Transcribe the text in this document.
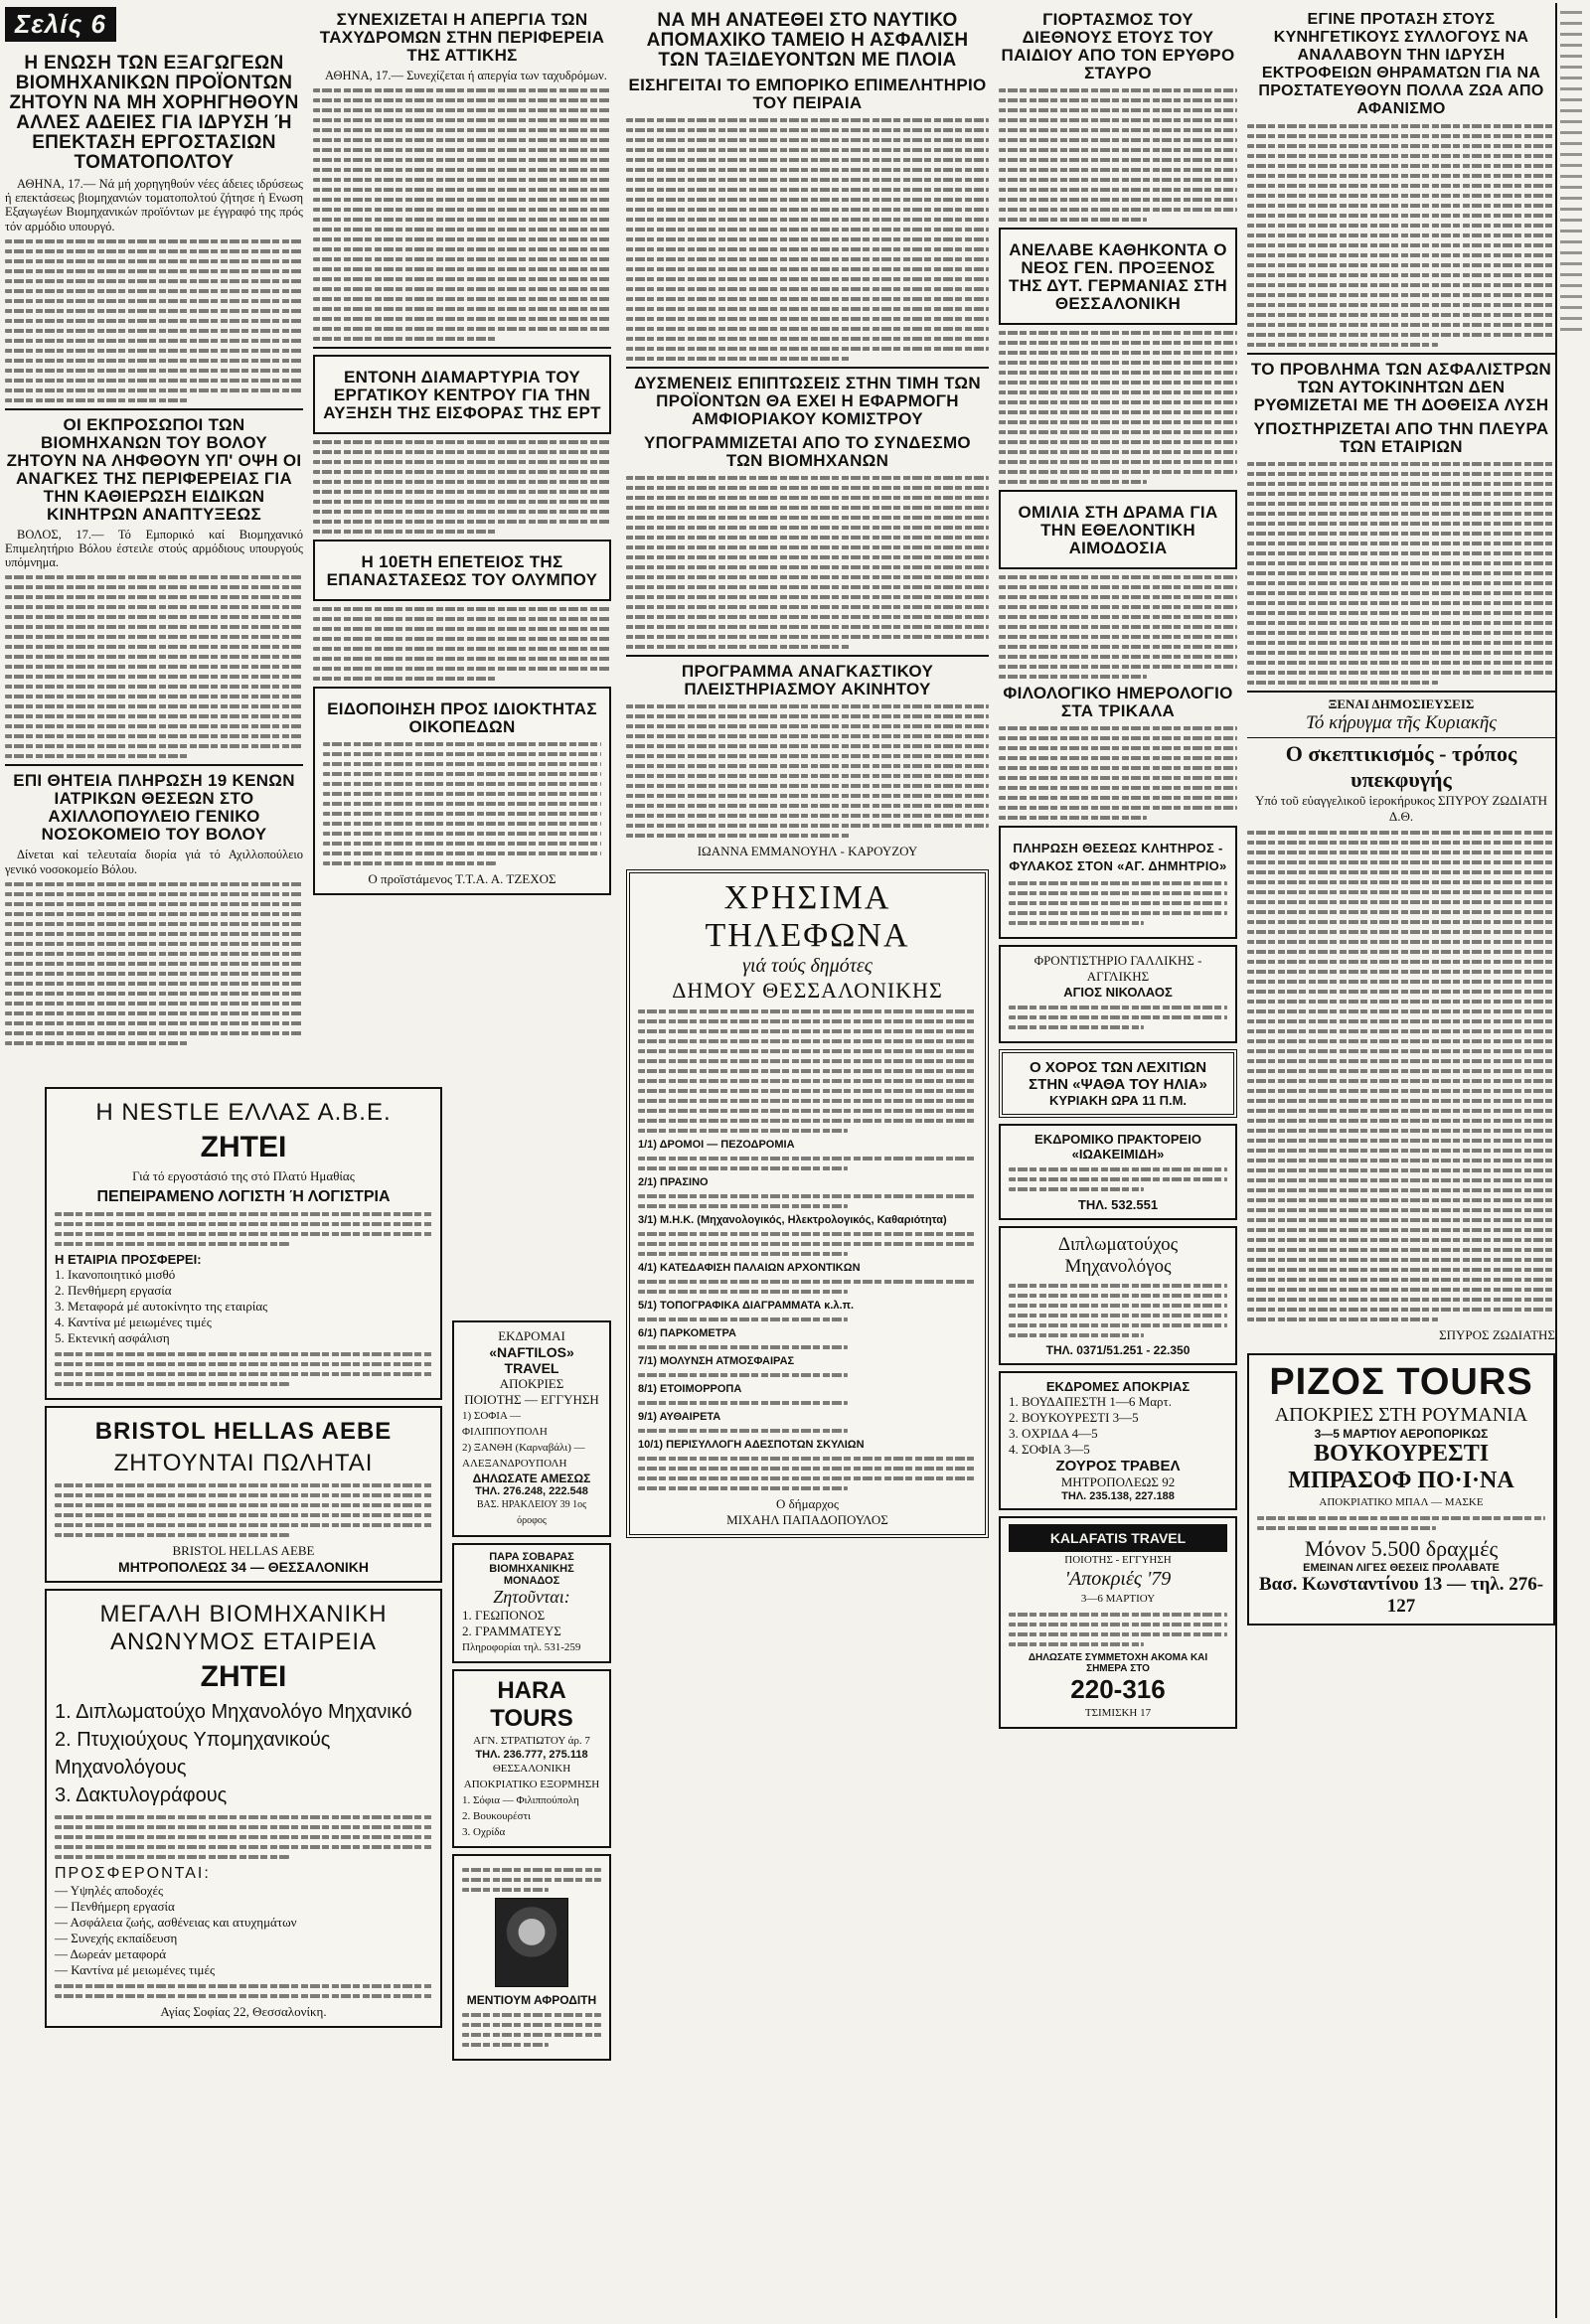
Σελίς 6
Η ΕΝΩΣΗ ΤΩΝ ΕΞΑΓΩΓΕΩΝ ΒΙΟΜΗΧΑΝΙΚΩΝ ΠΡΟΪΟΝΤΩΝ ΖΗΤΟΥΝ ΝΑ ΜΗ ΧΟΡΗΓΗΘΟΥΝ ΑΛΛΕΣ ΑΔΕΙΕΣ ΓΙΑ ΙΔΡΥΣΗ Ή ΕΠΕΚΤΑΣΗ ΕΡΓΟΣΤΑΣΙΩΝ ΤΟΜΑΤΟΠΟΛΤΟΥ

ΑΘΗΝΑ, 17.— Νά μή χορηγηθούν νέες άδειες ιδρύσεως ή επεκτάσεως βιομηχανιών τοματοπολτού ζήτησε ή Ενωση Εξαγωγέων Βιομηχανικών προϊόντων με έγγραφό της πρός τόν αρμόδιο υπουργό.

ΟΙ ΕΚΠΡΟΣΩΠΟΙ ΤΩΝ ΒΙΟΜΗΧΑΝΩΝ ΤΟΥ ΒΟΛΟΥ ΖΗΤΟΥΝ ΝΑ ΛΗΦΘΟΥΝ ΥΠ' ΟΨΗ ΟΙ ΑΝΑΓΚΕΣ ΤΗΣ ΠΕΡΙΦΕΡΕΙΑΣ ΓΙΑ ΤΗΝ ΚΑΘΙΕΡΩΣΗ ΕΙΔΙΚΩΝ ΚΙΝΗΤΡΩΝ ΑΝΑΠΤΥΞΕΩΣ

ΒΟΛΟΣ, 17.— Τό Εμπορικό καί Βιομηχανικό Επιμελητήριο Βόλου έστειλε στούς αρμόδιους υπουργούς υπόμνημα.

ΕΠΙ ΘΗΤΕΙΑ ΠΛΗΡΩΣΗ 19 ΚΕΝΩΝ ΙΑΤΡΙΚΩΝ ΘΕΣΕΩΝ ΣΤΟ ΑΧΙΛΛΟΠΟΥΛΕΙΟ ΓΕΝΙΚΟ ΝΟΣΟΚΟΜΕΙΟ ΤΟΥ ΒΟΛΟΥ

Δίνεται καί τελευταία διορία γιά τό Αχιλλοπούλειο γενικό νοσοκομείο Βόλου.

Η NESTLE ΕΛΛΑΣ Α.Β.Ε.
ΖΗΤΕΙ
Γιά τό εργοστάσιό της στό Πλατύ Ημαθίας
ΠΕΠΕΙΡΑΜΕΝΟ ΛΟΓΙΣΤΗ Ή ΛΟΓΙΣΤΡΙΑ
Η ΕΤΑΙΡΙΑ ΠΡΟΣΦΕΡΕΙ:
1. Ικανοποιητικό μισθό
2. Πενθήμερη εργασία
3. Μεταφορά μέ αυτοκίνητο της εταιρίας
4. Καντίνα μέ μειωμένες τιμές
5. Εκτενική ασφάλιση
BRISTOL HELLAS AEBE
ΖΗΤΟΥΝΤΑΙ ΠΩΛΗΤΑΙ
BRISTOL HELLAS AEBE
ΜΗΤΡΟΠΟΛΕΩΣ 34 — ΘΕΣΣΑΛΟΝΙΚΗ
ΜΕΓΑΛΗ ΒΙΟΜΗΧΑΝΙΚΗ ΑΝΩΝΥΜΟΣ ΕΤΑΙΡΕΙΑ
ΖΗΤΕΙ
1. Διπλωματούχο Μηχανολόγο Μηχανικό
2. Πτυχιούχους Υπομηχανικούς Μηχανολόγους
3. Δακτυλογράφους
ΠΡΟΣΦΕΡΟΝΤΑΙ:
— Υψηλές αποδοχές
— Πενθήμερη εργασία
— Ασφάλεια ζωής, ασθένειας και ατυχημάτων
— Συνεχής εκπαίδευση
— Δωρεάν μεταφορά
— Καντίνα μέ μειωμένες τιμές
Αγίας Σοφίας 22, Θεσσαλονίκη.
ΣΥΝΕΧΙΖΕΤΑΙ Η ΑΠΕΡΓΙΑ ΤΩΝ ΤΑΧΥΔΡΟΜΩΝ ΣΤΗΝ ΠΕΡΙΦΕΡΕΙΑ ΤΗΣ ΑΤΤΙΚΗΣ

ΑΘΗΝΑ, 17.— Συνεχίζεται ή απεργία των ταχυδρόμων.

ΕΝΤΟΝΗ ΔΙΑΜΑΡΤΥΡΙΑ ΤΟΥ ΕΡΓΑΤΙΚΟΥ ΚΕΝΤΡΟΥ ΓΙΑ ΤΗΝ ΑΥΞΗΣΗ ΤΗΣ ΕΙΣΦΟΡΑΣ ΤΗΣ ΕΡΤ
Η 10ΕΤΗ ΕΠΕΤΕΙΟΣ ΤΗΣ ΕΠΑΝΑΣΤΑΣΕΩΣ ΤΟΥ ΟΛΥΜΠΟΥ
ΕΙΔΟΠΟΙΗΣΗ ΠΡΟΣ ΙΔΙΟΚΤΗΤΑΣ ΟΙΚΟΠΕΔΩΝ
Ο προϊστάμενος Τ.Τ.Α. Α. ΤΖΕΧΟΣ
ΕΚΔΡΟΜΑΙ
«NAFTILOS» TRAVEL
ΑΠΟΚΡΙΕΣ
ΠΟΙΟΤΗΣ — ΕΓΓΥΗΣΗ
1) ΣΟΦΙΑ — ΦΙΛΙΠΠΟΥΠΟΛΗ
2) ΞΑΝΘΗ (Καρναβάλι) — ΑΛΕΞΑΝΔΡΟΥΠΟΛΗ
ΔΗΛΩΣΑΤΕ ΑΜΕΣΩΣ
ΤΗΛ. 276.248, 222.548
ΒΑΣ. ΗΡΑΚΛΕΙΟΥ 39 1ος όροφος
ΠΑΡΑ ΣΟΒΑΡΑΣ ΒΙΟΜΗΧΑΝΙΚΗΣ ΜΟΝΑΔΟΣ
Ζητοῦνται:
1. ΓΕΩΠΟΝΟΣ
2. ΓΡΑΜΜΑΤΕΥΣ
Πληροφορίαι τηλ. 531-259
HARA TOURS
ΑΓΝ. ΣΤΡΑΤΙΩΤΟΥ άρ. 7
ΤΗΛ. 236.777, 275.118
ΘΕΣΣΑΛΟΝΙΚΗ
ΑΠΟΚΡΙΑΤΙΚΟ ΕΞΟΡΜΗΣΗ
1. Σόφια — Φιλιππούπολη
2. Βουκουρέστι
3. Οχρίδα
ΜΕΝΤΙΟΥΜ ΑΦΡΟΔΙΤΗ
ΝΑ ΜΗ ΑΝΑΤΕΘΕΙ ΣΤΟ ΝΑΥΤΙΚΟ ΑΠΟΜΑΧΙΚΟ ΤΑΜΕΙΟ Η ΑΣΦΑΛΙΣΗ ΤΩΝ ΤΑΞΙΔΕΥΟΝΤΩΝ ΜΕ ΠΛΟΙΑ
ΕΙΣΗΓΕΙΤΑΙ ΤΟ ΕΜΠΟΡΙΚΟ ΕΠΙΜΕΛΗΤΗΡΙΟ ΤΟΥ ΠΕΙΡΑΙΑ
ΔΥΣΜΕΝΕΙΣ ΕΠΙΠΤΩΣΕΙΣ ΣΤΗΝ ΤΙΜΗ ΤΩΝ ΠΡΟΪΟΝΤΩΝ ΘΑ ΕΧΕΙ Η ΕΦΑΡΜΟΓΗ ΑΜΦΙΟΡΙΑΚΟΥ ΚΟΜΙΣΤΡΟΥ
ΥΠΟΓΡΑΜΜΙΖΕΤΑΙ ΑΠΟ ΤΟ ΣΥΝΔΕΣΜΟ ΤΩΝ ΒΙΟΜΗΧΑΝΩΝ
ΠΡΟΓΡΑΜΜΑ ΑΝΑΓΚΑΣΤΙΚΟΥ ΠΛΕΙΣΤΗΡΙΑΣΜΟΥ ΑΚΙΝΗΤΟΥ
ΙΩΑΝΝΑ ΕΜΜΑΝΟΥΗΛ - ΚΑΡΟΥΖΟΥ
ΧΡΗΣΙΜΑ ΤΗΛΕΦΩΝΑ
γιά τούς δημότες
ΔΗΜΟΥ ΘΕΣΣΑΛΟΝΙΚΗΣ
1/1) ΔΡΟΜΟΙ — ΠΕΖΟΔΡΟΜΙΑ
2/1) ΠΡΑΣΙΝΟ
3/1) Μ.Η.Κ. (Μηχανολογικός, Ηλεκτρολογικός, Καθαριότητα)
4/1) ΚΑΤΕΔΑΦΙΣΗ ΠΑΛΑΙΩΝ ΑΡΧΟΝΤΙΚΩΝ
5/1) ΤΟΠΟΓΡΑΦΙΚΑ ΔΙΑΓΡΑΜΜΑΤΑ κ.λ.π.
6/1) ΠΑΡΚΟΜΕΤΡΑ
7/1) ΜΟΛΥΝΣΗ ΑΤΜΟΣΦΑΙΡΑΣ
8/1) ΕΤΟΙΜΟΡΡΟΠΑ
9/1) ΑΥΘΑΙΡΕΤΑ
10/1) ΠΕΡΙΣΥΛΛΟΓΗ ΑΔΕΣΠΟΤΩΝ ΣΚΥΛΙΩΝ
Ο δήμαρχος
ΜΙΧΑΗΛ ΠΑΠΑΔΟΠΟΥΛΟΣ
ΓΙΟΡΤΑΣΜΟΣ ΤΟΥ ΔΙΕΘΝΟΥΣ ΕΤΟΥΣ ΤΟΥ ΠΑΙΔΙΟΥ ΑΠΟ ΤΟΝ ΕΡΥΘΡΟ ΣΤΑΥΡΟ
ΑΝΕΛΑΒΕ ΚΑΘΗΚΟΝΤΑ Ο ΝΕΟΣ ΓΕΝ. ΠΡΟΞΕΝΟΣ ΤΗΣ ΔΥΤ. ΓΕΡΜΑΝΙΑΣ ΣΤΗ ΘΕΣΣΑΛΟΝΙΚΗ
ΟΜΙΛΙΑ ΣΤΗ ΔΡΑΜΑ ΓΙΑ ΤΗΝ ΕΘΕΛΟΝΤΙΚΗ ΑΙΜΟΔΟΣΙΑ
ΦΙΛΟΛΟΓΙΚΟ ΗΜΕΡΟΛΟΓΙΟ ΣΤΑ ΤΡΙΚΑΛΑ
ΠΛΗΡΩΣΗ ΘΕΣΕΩΣ ΚΛΗΤΗΡΟΣ - ΦΥΛΑΚΟΣ ΣΤΟΝ «ΑΓ. ΔΗΜΗΤΡΙΟ»
ΦΡΟΝΤΙΣΤΗΡΙΟ ΓΑΛΛΙΚΗΣ - ΑΓΓΛΙΚΗΣ
ΑΓΙΟΣ ΝΙΚΟΛΑΟΣ
Ο ΧΟΡΟΣ ΤΩΝ ΛΕΧΙΤΙΩΝ ΣΤΗΝ «ΨΑΘΑ ΤΟΥ ΗΛΙΑ»
ΚΥΡΙΑΚΗ ΩΡΑ 11 Π.Μ.
ΕΚΔΡΟΜΙΚΟ ΠΡΑΚΤΟΡΕΙΟ «ΙΩΑΚΕΙΜΙΔΗ»
ΤΗΛ. 532.551
Διπλωματούχος Μηχανολόγος
ΤΗΛ. 0371/51.251 - 22.350
ΕΚΔΡΟΜΕΣ ΑΠΟΚΡΙΑΣ
1. ΒΟΥΔΑΠΕΣΤΗ 1—6 Μαρτ.
2. ΒΟΥΚΟΥΡΕΣΤΙ 3—5
3. ΟΧΡΙΔΑ 4—5
4. ΣΟΦΙΑ 3—5
ΖΟΥΡΟΣ ΤΡΑΒΕΛ
ΜΗΤΡΟΠΟΛΕΩΣ 92
ΤΗΛ. 235.138, 227.188
KALAFATIS TRAVEL
ΠΟΙΟΤΗΣ - ΕΓΓΥΗΣΗ
'Αποκριές '79
3—6 ΜΑΡΤΙΟΥ
ΔΗΛΩΣΑΤΕ ΣΥΜΜΕΤΟΧΗ ΑΚΟΜΑ ΚΑΙ ΣΗΜΕΡΑ ΣΤΟ
220-316
ΤΣΙΜΙΣΚΗ 17
ΕΓΙΝΕ ΠΡΟΤΑΣΗ ΣΤΟΥΣ ΚΥΝΗΓΕΤΙΚΟΥΣ ΣΥΛΛΟΓΟΥΣ ΝΑ ΑΝΑΛΑΒΟΥΝ ΤΗΝ ΙΔΡΥΣΗ ΕΚΤΡΟΦΕΙΩΝ ΘΗΡΑΜΑΤΩΝ ΓΙΑ ΝΑ ΠΡΟΣΤΑΤΕΥΘΟΥΝ ΠΟΛΛΑ ΖΩΑ ΑΠΟ ΑΦΑΝΙΣΜΟ
ΤΟ ΠΡΟΒΛΗΜΑ ΤΩΝ ΑΣΦΑΛΙΣΤΡΩΝ ΤΩΝ ΑΥΤΟΚΙΝΗΤΩΝ ΔΕΝ ΡΥΘΜΙΖΕΤΑΙ ΜΕ ΤΗ ΔΟΘΕΙΣΑ ΛΥΣΗ
ΥΠΟΣΤΗΡΙΖΕΤΑΙ ΑΠΟ ΤΗΝ ΠΛΕΥΡΑ ΤΩΝ ΕΤΑΙΡΙΩΝ
ΞΕΝΑΙ ΔΗΜΟΣΙΕΥΣΕΙΣ
Τό κήρυγμα τῆς Κυριακῆς
Ο σκεπτικισμός - τρόπος υπεκφυγής
Υπό τοῦ εὐαγγελικοῦ ἱεροκήρυκος ΣΠΥΡΟΥ ΖΩΔΙΑΤΗ Δ.Θ.
ΣΠΥΡΟΣ ΖΩΔΙΑΤΗΣ
ΡΙΖΟΣ TOURS
ΑΠΟΚΡΙΕΣ ΣΤΗ ΡΟΥΜΑΝΙΑ
3—5 ΜΑΡΤΙΟΥ ΑΕΡΟΠΟΡΙΚΩΣ
ΒΟΥΚΟΥΡΕΣΤΙ ΜΠΡΑΣΟΦ ΠΟ·Ι·ΝΑ
ΑΠΟΚΡΙΑΤΙΚΟ ΜΠΑΛ — ΜΑΣΚΕ
Μόνον 5.500 δραχμές
ΕΜΕΙΝΑΝ ΛΙΓΕΣ ΘΕΣΕΙΣ ΠΡΟΛΑΒΑΤΕ
Βασ. Κωνσταντίνου 13 — τηλ. 276-127
